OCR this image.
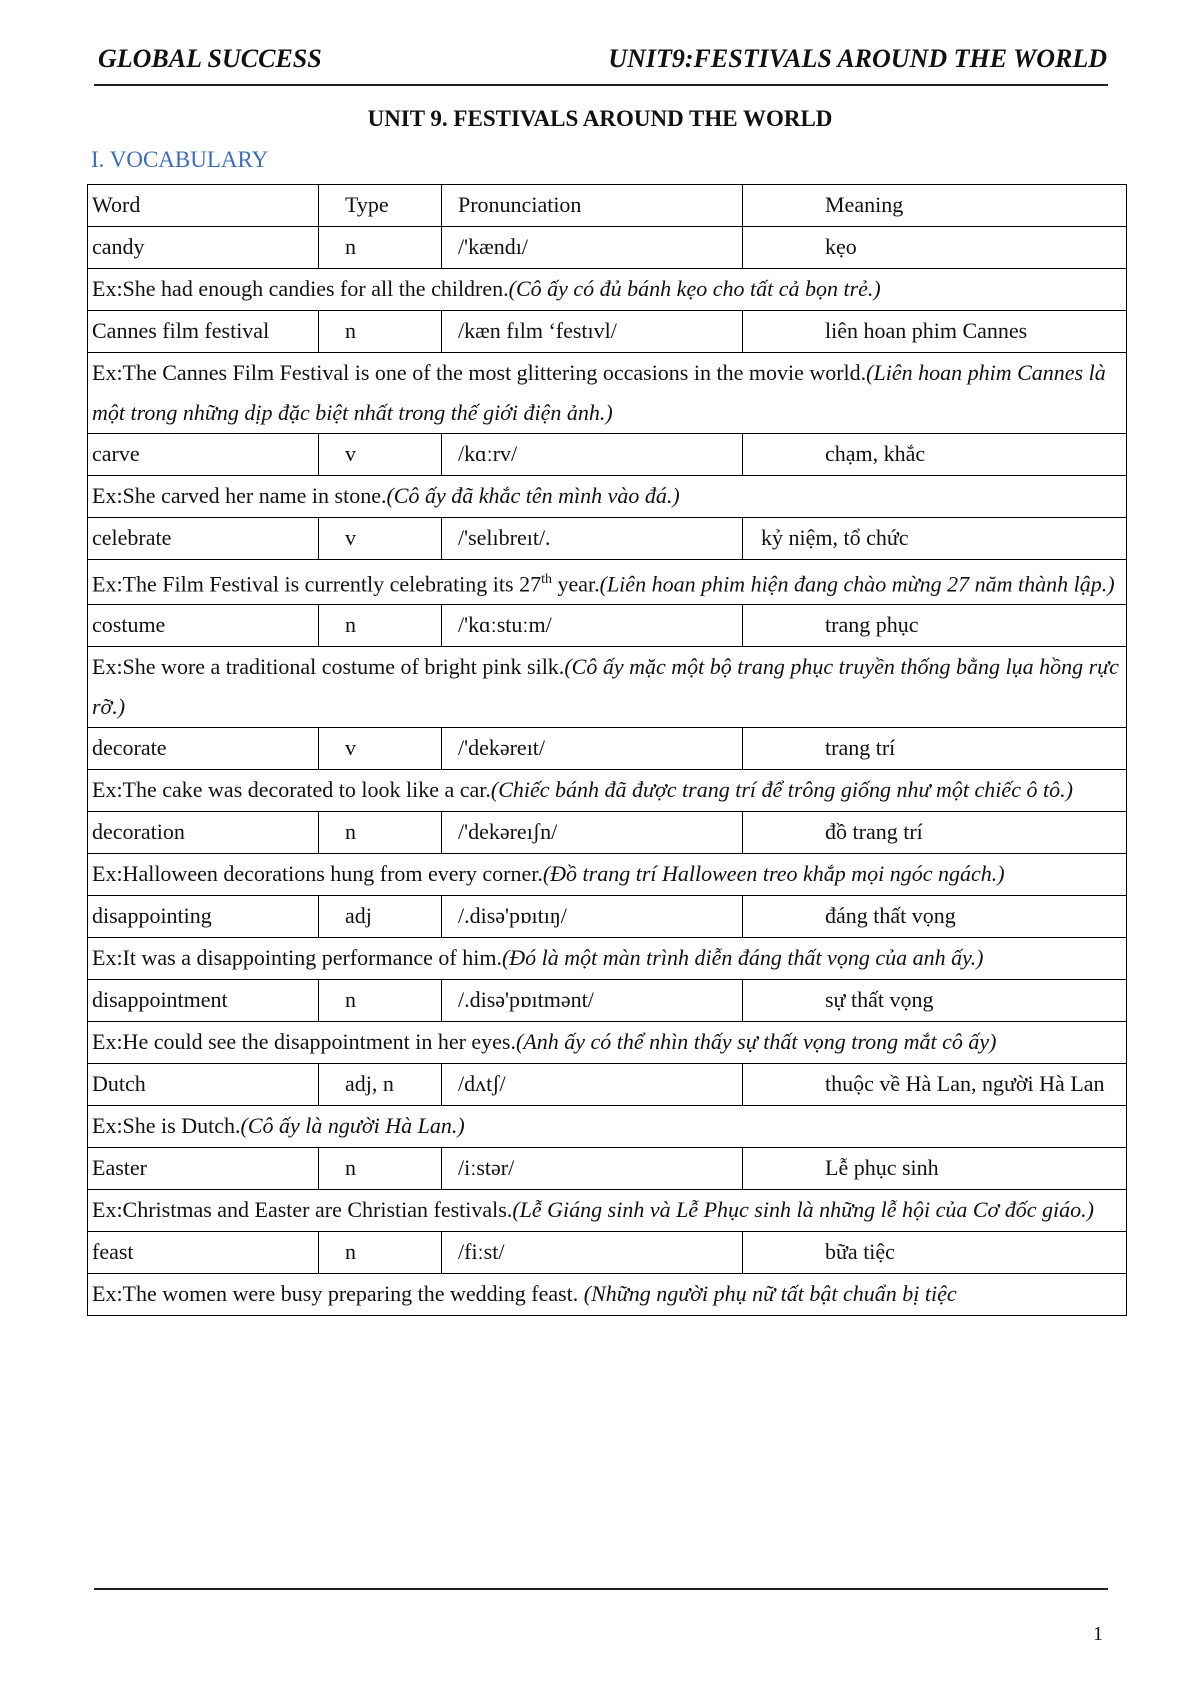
GLOBAL SUCCESS	UNIT9:FESTIVALS AROUND THE WORLD
UNIT 9. FESTIVALS AROUND THE WORLD
I. VOCABULARY
Word	Type	Pronunciation	Meaning
candy	n	/'kændı/	kẹo
Ex:She had enough candies for all the children.(Cô ấy có đủ bánh kẹo cho tất cả bọn trẻ.)			
Cannes film festival	n	/kæn fılm ‘festıvl/	liên hoan phim Cannes
Ex:The Cannes Film Festival is one of the most glittering occasions in the movie world.(Liên hoan phim Cannes là một trong những dịp đặc biệt nhất trong thế giới điện ảnh.)			
carve	v	/kɑːrv/	chạm, khắc
Ex:She carved her name in stone.(Cô ấy đã khắc tên mình vào đá.)			
celebrate	v	/'selıbreıt/.	kỷ niệm, tổ chức
Ex:The Film Festival is currently celebrating its 27th year.(Liên hoan phim hiện đang chào mừng 27 năm thành lập.)			
costume	n	/'kɑːstuːm/	trang phục
Ex:She wore a traditional costume of bright pink silk.(Cô ấy mặc một bộ trang phục truyền thống bằng lụa hồng rực rỡ.)			
decorate	v	/'dekəreıt/	trang trí
Ex:The cake was decorated to look like a car.(Chiếc bánh đã được trang trí để trông giống như một chiếc ô tô.)			
decoration	n	/'dekəreıʃn/	đồ trang trí
Ex:Halloween decorations hung from every corner.(Đồ trang trí Halloween treo khắp mọi ngóc ngách.)			
disappointing	adj	/.disə'pɒıtıŋ/	đáng thất vọng
Ex:It was a disappointing performance of him.(Đó là một màn trình diễn đáng thất vọng của anh ấy.)			
disappointment	n	/.disə'pɒıtmənt/	sự thất vọng
Ex:He could see the disappointment in her eyes.(Anh ấy có thể nhìn thấy sự thất vọng trong mắt cô ấy)			
Dutch	adj, n	/dʌtʃ/	thuộc về Hà Lan, người Hà Lan
Ex:She is Dutch.(Cô ấy là người Hà Lan.)			
Easter	n	/iːstər/	Lễ phục sinh
Ex:Christmas and Easter are Christian festivals.(Lễ Giáng sinh và Lễ Phục sinh là những lễ hội của Cơ đốc giáo.)			
feast	n	/fiːst/	bữa tiệc
Ex:The women were busy preparing the wedding feast. (Những người phụ nữ tất bật chuẩn bị tiệc			
1
